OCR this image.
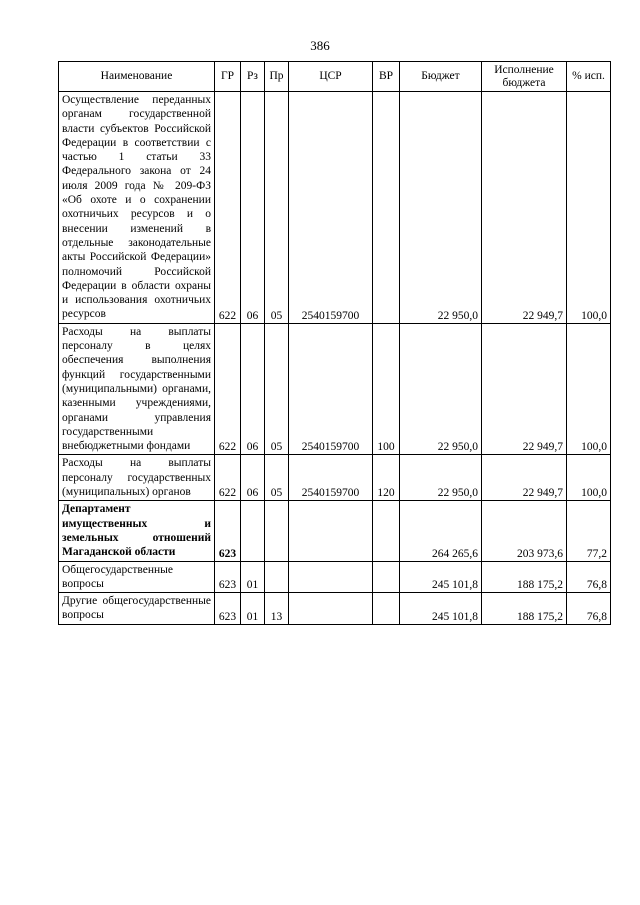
386
Наименование	ГР	Рз	Пр	ЦСР	ВР	Бюджет	Исполнение бюджета	% исп.
Осуществление переданных органам государственной власти субъектов Российской Федерации в соответствии с частью 1 статьи 33 Федерального закона от 24 июля 2009 года № 209-ФЗ «Об охоте и о сохранении охотничьих ресурсов и о внесении изменений в отдельные законодательные акты Российской Федерации» полномочий Российской Федерации в области охраны и использования охотничьих ресурсов	622	06	05	2540159700		22 950,0	22 949,7	100,0
Расходы на выплаты персоналу в целях обеспечения выполнения функций государственными (муниципальными) органами, казенными учреждениями, органами управления государственными внебюджетными фондами	622	06	05	2540159700	100	22 950,0	22 949,7	100,0
Расходы на выплаты персоналу государственных (муниципальных) органов	622	06	05	2540159700	120	22 950,0	22 949,7	100,0
Департамент имущественных и земельных отношений Магаданской области	623					264 265,6	203 973,6	77,2
Общегосударственные вопросы	623	01				245 101,8	188 175,2	76,8
Другие общегосударственные вопросы	623	01	13			245 101,8	188 175,2	76,8
